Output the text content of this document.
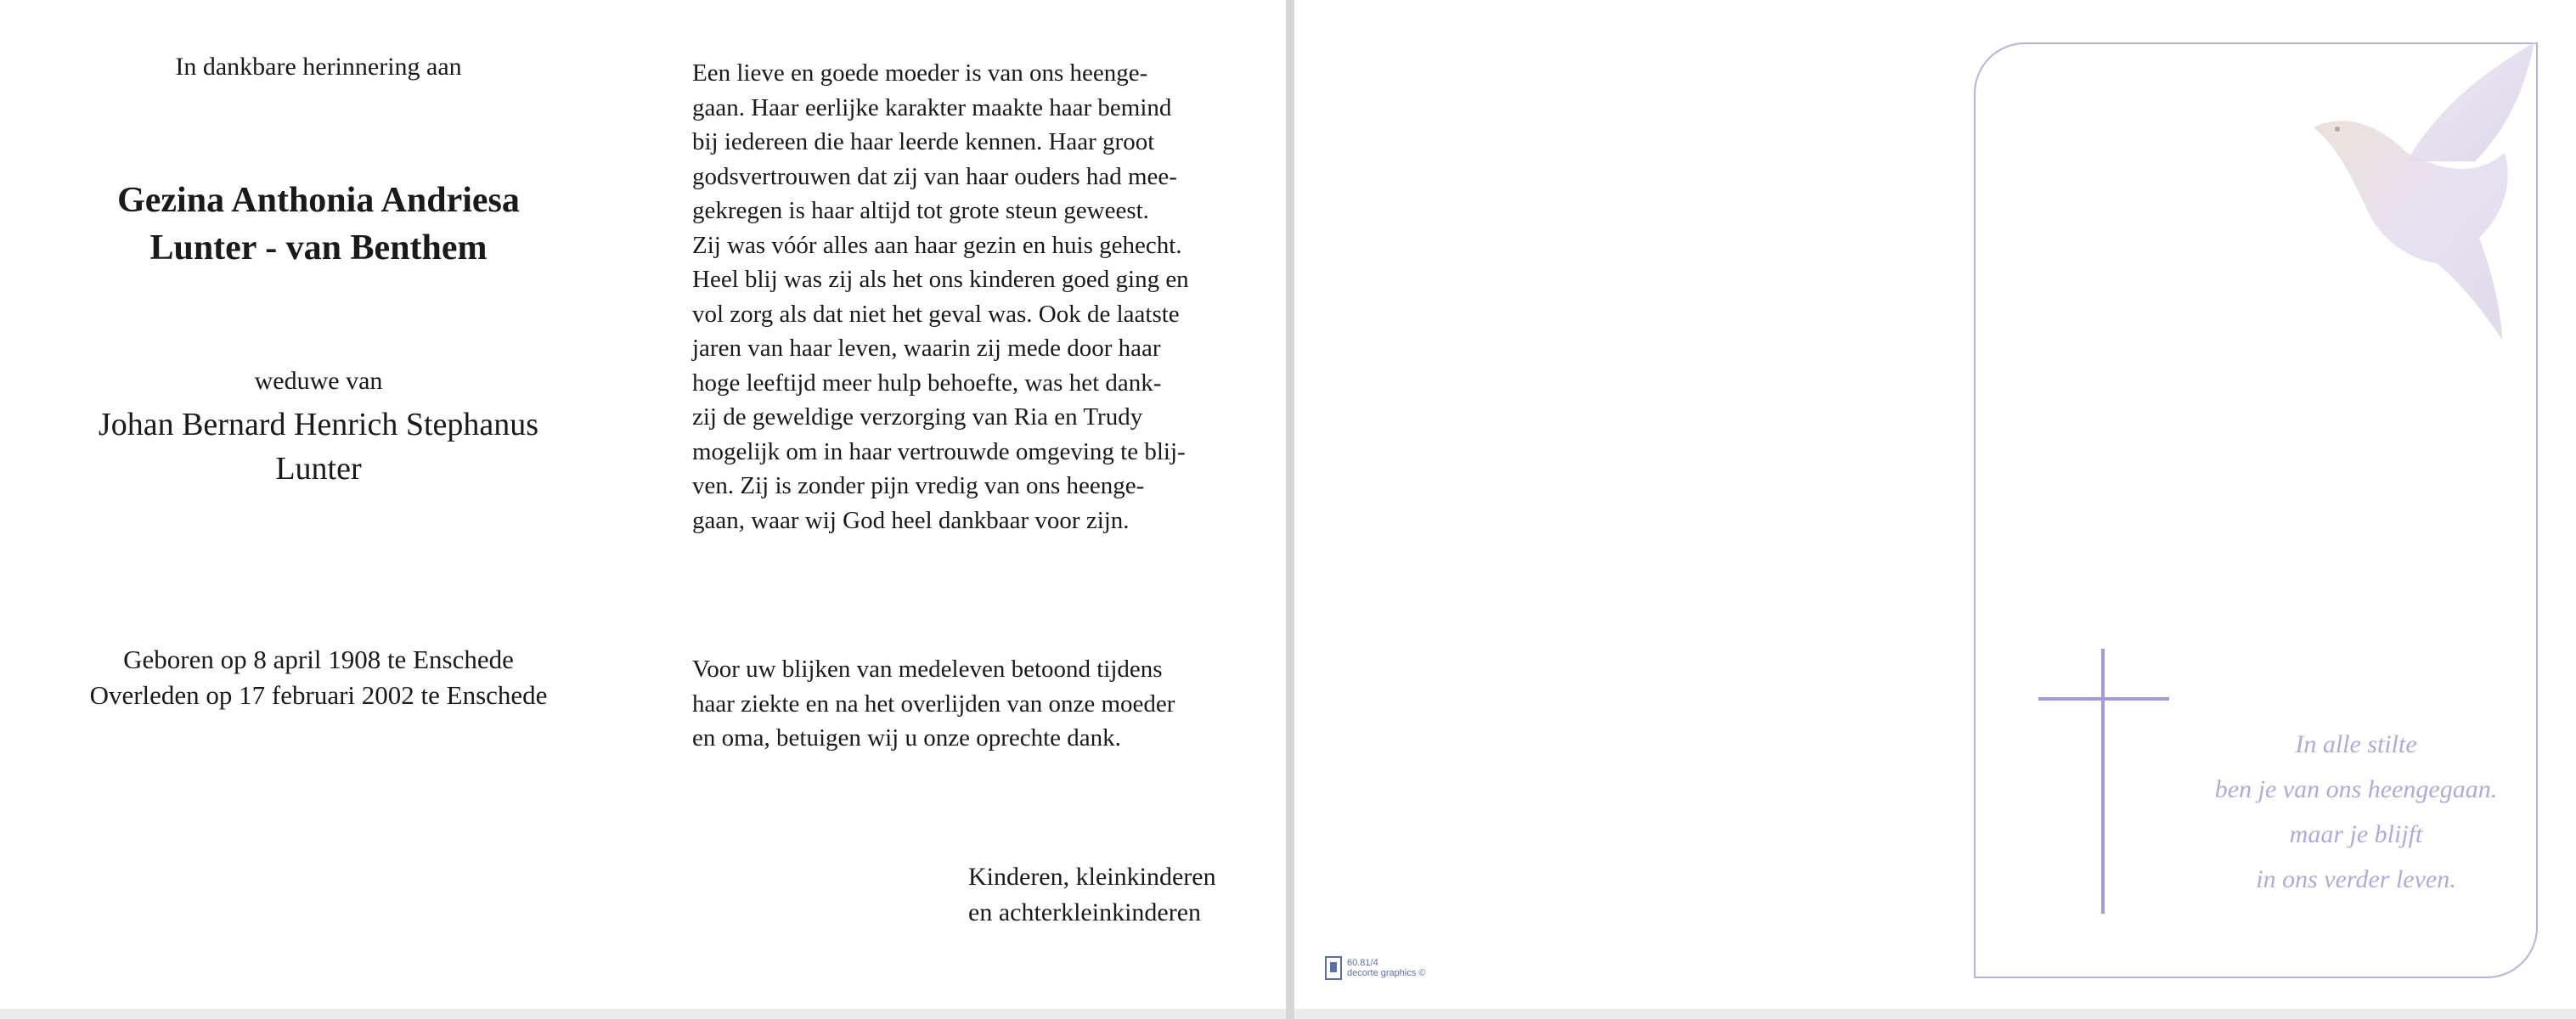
In dankbare herinnering aan
Gezina Anthonia Andriesa
Lunter - van Benthem
weduwe van
Johan Bernard Henrich Stephanus
Lunter
Geboren op 8 april 1908 te Enschede
Overleden op 17 februari 2002 te Enschede
Een lieve en goede moeder is van ons heenge-
gaan. Haar eerlijke karakter maakte haar bemind
bij iedereen die haar leerde kennen. Haar groot
godsvertrouwen dat zij van haar ouders had mee-
gekregen is haar altijd tot grote steun geweest.
Zij was vóór alles aan haar gezin en huis gehecht.
Heel blij was zij als het ons kinderen goed ging en
vol zorg als dat niet het geval was. Ook de laatste
jaren van haar leven, waarin zij mede door haar
hoge leeftijd meer hulp behoefte, was het dank-
zij de geweldige verzorging van Ria en Trudy
mogelijk om in haar vertrouwde omgeving te blij-
ven. Zij is zonder pijn vredig van ons heenge-
gaan, waar wij God heel dankbaar voor zijn.
Voor uw blijken van medeleven betoond tijdens
haar ziekte en na het overlijden van onze moeder
en oma, betuigen wij u onze oprechte dank.
Kinderen, kleinkinderen
en achterkleinkinderen
In alle stilte
ben je van ons heengegaan.
maar je blijft
in ons verder leven.
60.81/4
decorte graphics ©
